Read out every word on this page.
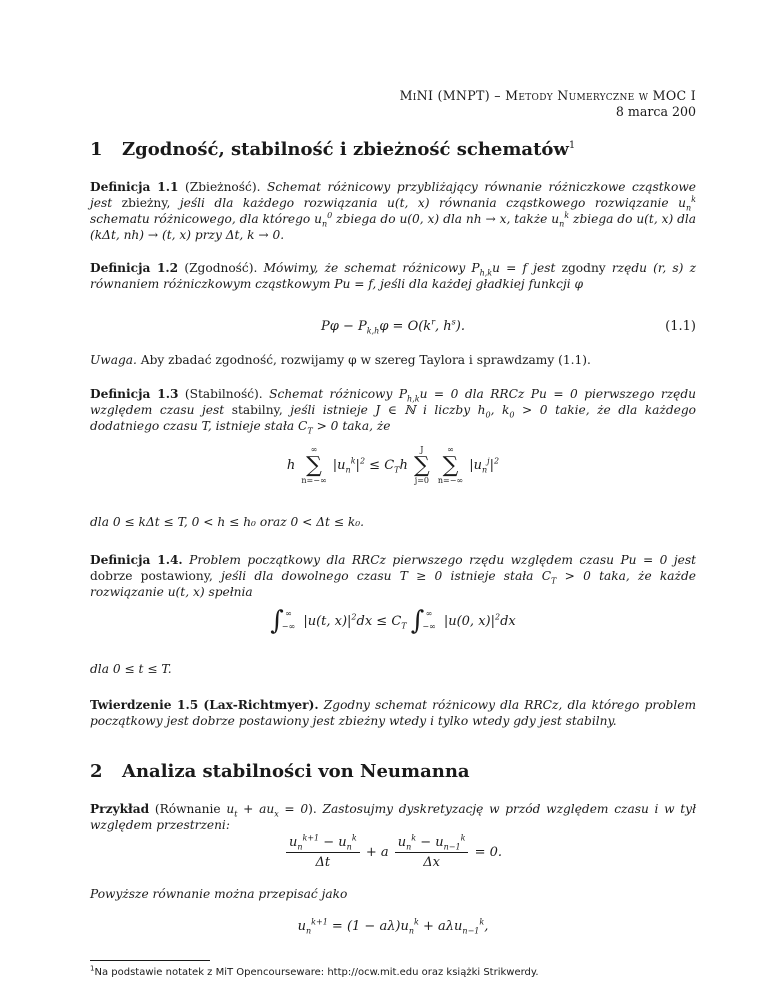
MiNI (MNPT) – Metody Numeryczne w MOC I
8 marca 200
1 Zgodność, stabilność i zbieżność schematów$^1$
Definicja 1.1 (Zbieżność). Schemat różnicowy przybliżający równanie różniczkowe cząstkowe jest zbieżny, jeśli dla każdego rozwiązania u(t, x) równania cząstkowego rozwiązanie $u_n^k$ schematu różnicowego, dla którego $u_n^0$ zbiega do u(0, x) dla nh → x, także $u_n^k$ zbiega do u(t, x) dla (kΔt, nh) → (t, x) przy Δt, k → 0.
Definicja 1.2 (Zgodność). Mówimy, że schemat różnicowy $P_{h,k}u = f$ jest zgodny rzędu (r, s) z równaniem różniczkowym cząstkowym Pu = f, jeśli dla każdej gładkiej funkcji φ
$P\varphi - P_{k,h}\varphi = O(k^r$, $h^s$).	(1.1)
Uwaga. Aby zbadać zgodność, rozwijamy φ w szereg Taylora i sprawdzamy (1.1).
Definicja 1.3 (Stabilność). Schemat różnicowy $P_{h,k}u = 0$ dla RRCz Pu = 0 pierwszego rzędu względem czasu jest stabilny, jeśli istnieje J ∈ ℕ i liczby $h_0$, $k_0 > 0$ takie, że dla każdego dodatniego czasu T, istnieje stała $C_T > 0$ taka, że
h ∞
∑
n=−∞ $|u_n^k|^2 \le C_Th$ J
∑
j=0 ∞
∑
n=−∞ $|u_n^j|^2$
dla 0 ≤ kΔt ≤ T, 0 < h ≤ h₀ oraz 0 < Δt ≤ k₀.
Definicja 1.4. Problem początkowy dla RRCz pierwszego rzędu względem czasu Pu = 0 jest dobrze postawiony, jeśli dla dowolnego czasu T ≥ 0 istnieje stała $C_T > 0$ taka, że każde rozwiązanie u(t, x) spełnia
∫∞
−∞ |u(t, $x)|^2dx \le C_T$ ∫∞
−∞ |u(0, $x)|^2dx$
dla 0 ≤ t ≤ T.
Twierdzenie 1.5 (Lax-Richtmyer). Zgodny schemat różnicowy dla RRCz, dla którego problem początkowy jest dobrze postawiony jest zbieżny wtedy i tylko wtedy gdy jest stabilny.
2 Analiza stabilności von Neumanna
Przykład (Równanie $u_t + au_x = 0$). Zastosujmy dyskretyzację w przód względem czasu i w tył względem przestrzeni:
$\frac{u_n^{k+1} - u_n^k}{\Delta t} + a \frac{u_n^k - u_{n-1}^k}{\Delta x} = 0$.
Powyższe równanie można przepisać jako
$u_n^{k+1} = (1 - a\lambda)u_n^k + a\lambda u_{n-1}^k$,
$^1$Na podstawie notatek z MiT Opencourseware: http://ocw.mit.edu oraz książki Strikwerdy.
